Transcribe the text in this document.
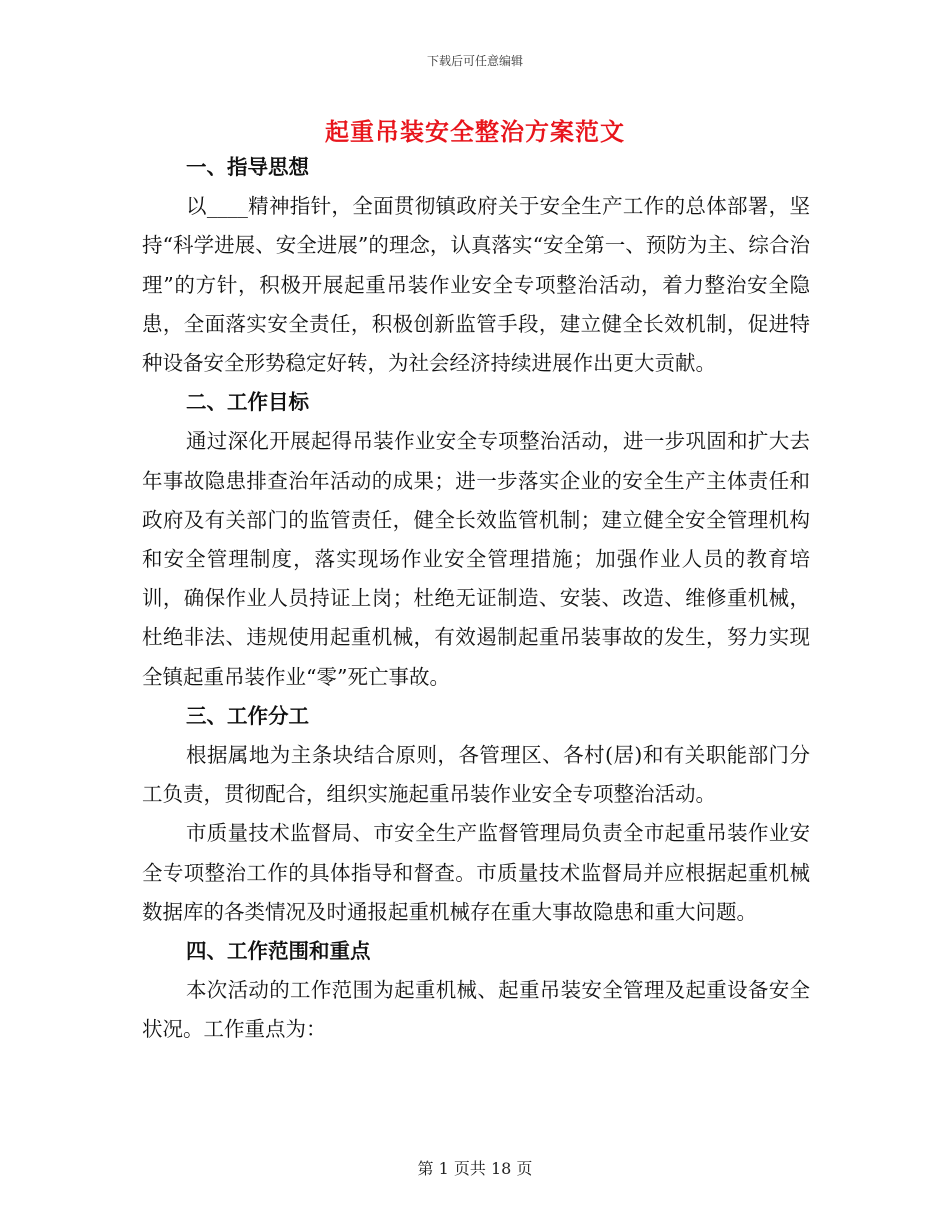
下载后可任意编辑
起重吊装安全整治方案范文

一、指导思想

以____精神指针，全面贯彻镇政府关于安全生产工作的总体部署，坚持“科学进展、安全进展”的理念，认真落实“安全第一、预防为主、综合治理”的方针，积极开展起重吊装作业安全专项整治活动，着力整治安全隐患，全面落实安全责任，积极创新监管手段，建立健全长效机制，促进特种设备安全形势稳定好转，为社会经济持续进展作出更大贡献。

二、工作目标

通过深化开展起得吊装作业安全专项整治活动，进一步巩固和扩大去年事故隐患排查治年活动的成果；进一步落实企业的安全生产主体责任和政府及有关部门的监管责任，健全长效监管机制；建立健全安全管理机构和安全管理制度，落实现场作业安全管理措施；加强作业人员的教育培训，确保作业人员持证上岗；杜绝无证制造、安装、改造、维修重机械，杜绝非法、违规使用起重机械，有效遏制起重吊装事故的发生，努力实现全镇起重吊装作业“零”死亡事故。

三、工作分工

根据属地为主条块结合原则，各管理区、各村(居)和有关职能部门分工负责，贯彻配合，组织实施起重吊装作业安全专项整治活动。

市质量技术监督局、市安全生产监督管理局负责全市起重吊装作业安全专项整治工作的具体指导和督查。市质量技术监督局并应根据起重机械数据库的各类情况及时通报起重机械存在重大事故隐患和重大问题。

四、工作范围和重点

本次活动的工作范围为起重机械、起重吊装安全管理及起重设备安全状况。工作重点为：

第 1 页共 18 页
